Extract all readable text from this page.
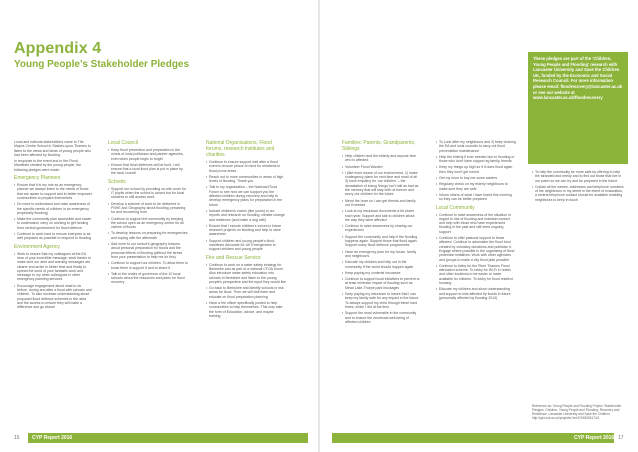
Appendix 4
Young People’s Stakeholder Pledges

Local and national stakeholders came to The Majors Centre School in Staines-upon-Thames to listen to the views and ideas of young people who had been affected by flooding.

In response to the event and to the Flood Manifesto created by the young people, the following pledges were made:

Emergency Planners
• Ensure that it is my role as an emergency planner we always listen to the needs of those that are aware to support and to better empower communities to prepare themselves
• Do more to understand and raise awareness of the specific needs of children in an emergency (especially flooding)
• Make the community plan accessible and easier to understand; carry on working to get funding from central government for flood defence
• Continue to work hard to ensure everyone is as well prepared as possible to respond to flooding
Environment Agency
• Work to ensure that my colleagues at the EA hear of your incredible message; work harder to make sure our alert and warning messages are clearer and arrive in better time and finally to spread the word of your fantastic work and message to my other colleagues in other emergency planning services
• Encourage engagement about what to do before, during and after a flood with schools and children. To also increase understanding about proposed flood defence schemes in the area and the access to ensure they will make a difference and go ahead
Local Council
• Keep flood prevention and preparation in the minds of local politicians and partner agencies, even when people begin to forget
• Ensure that flood defences will be built, I will ensure that a local flood plan is put in place by the local council
Schools
• Support our school by providing on-site cover for IT pupils when the school is closed but for local students to still access work
• Develop a scheme of work to be delivered in PSHE and Geography about flooding, preparing for and recovering from
• Continue to support the community by keeping the school open as an emergency centre for all victims of floods
• To develop lessons on preparing for emergencies and coping with the aftermath
• Add more to our school's geography lessons about personal preparation for floods and the personal effects of flooding (without the stress from your presentation to help me do this)
• Continue to support our children. To allow them to know there is support if and to share it
• Talk to the chairs of governors of the 10 local schools about the resources and plans for flood recovery
National Organisations, Flood forums, research institutes and charities
• Continue to ensure support well after a flood event to ensure peace of mind for residents in flood prone areas
• Reach out to more communities in areas of high levels of flooding. Thank you
• Talk to my organisation – the National Flood Forum to see how we can support you the affected children during recovery and help to develop emergency plans for preparation in the future
• Include children's voices (like yours) in our reports and research on flooding, climate change and resilience (and make a dog raft!)
• Ensure that I include children's voices in future research projects on flooding and help to raise awareness
• Support children and young people's flood manifesto Advocate for UK Emergencies to support children and young people
Fire and Rescue Service
• Continue to work on a water safety strategy for Berkshire and as part of a national CFOA forum. Also introduce water safety education into schools in Berkshire and listen to the young people's perspective and the input they would like
• Go back to Berkshire and identify schools in risk areas for flood. Then we will visit them and educate on flood preparation planning
• Have a fire officer specifically posted to help communities to help themselves. This may take the form of Education, advice, and maybe training
Families: Parents, Grandparents, Siblings
• Help children and the elderly and anyone else who is affected
• Volunteer Flood Warden
• I (like more aware of our environment, 2) make contingency plans for next time and most of all 3) have empathy for 'our children' – the devastation of losing 'things' isn't half as bad as the memory that will stay with us forever and worry our children for the future
• Mend the hose so I can get friends and family out if needed
• Look at my insurance documents a bit closer each year. Support and talk to children about the way they were affected
• Continue to raise awareness by sharing our experiences
• Support the community and help if the flooding happens again. Support those that flood again. Support many flood defence programmes
• Have an emergency plan for my house, family and neighbours
• Educate my children and help out in the community if the worst should happen again
• Keep paying my contents insurance
• Continue to support local initiatives to prevent or at least minimise impact of flooding such as Mead Lake-Thorpe park blockages
• Keep paying my insurance to insure that I can keep my family safe for any impact in the future. To always support my child through these hard times, which I did at the time
• Support the most vulnerable in the community and to ensure the emotional well-being of affected children
• To Look after my neighbours and 2) keep chasing the EA and local councils to carry out flood preventative maintenance
• Help the elderly if ever needed due to flooding or those who don't have support eg family, friends
• Keep my things up high so if it does flood again then they won't get ruined
• Get my mum to buy me some waders
• Regularly check on my elderly neighbours to make sure they are safe
• Inform others of what I have learnt this evening so they can be better prepared
Local Community
• Continue to raise awareness of the situation in regard to risk of flooding and maintain contact and help with those who have experienced flooding in the past and still need ongoing support
• Continue to offer pastoral support to those affected. Continue to administer the flood fund created by voluntary donations and publicise it. Engage where possible in the organising of flood protection initiatives. Work with other agencies and groups to make a city flood plan possible
• Continue to lobby for the River Thames Flood alleviation scheme. To lobby for Wi-Fi in hotels and other locations to be easier to make available for children. To lobby for flood resilient housing
• Educate my children and show understanding and support to kids affected by floods in future (personally affected by flooding 2014)
These pledges are part of the 'Children, Young People and Flooding' research with Lancaster University and Save the Children UK, funded by the Economic and Social Research Council. For more information please email: floodrecovery@lancaster.ac.uk or see our website at www.lancaster.ac.uk/floodrecovery
• To help the community be more safe by offering to help the stranded and needy and to find out those that live in our patch so we can try and be prepared in the future
• Collate all the names, addresses and telephone numbers of the neighbours in my street in the event of evacuation, a central telephone contact should be available enabling neighbours to keep in touch
Reference as: Young People and Flooding Project. Stakeholder Pledges. Children, Young People and Flooding: Recovery and Resilience. Lancaster University and Save the Children. http://gtr.rcuk.ac.uk/projects?ref=ES/M006174/1
16 CYP Report 2016	CYP Report 2016 17
